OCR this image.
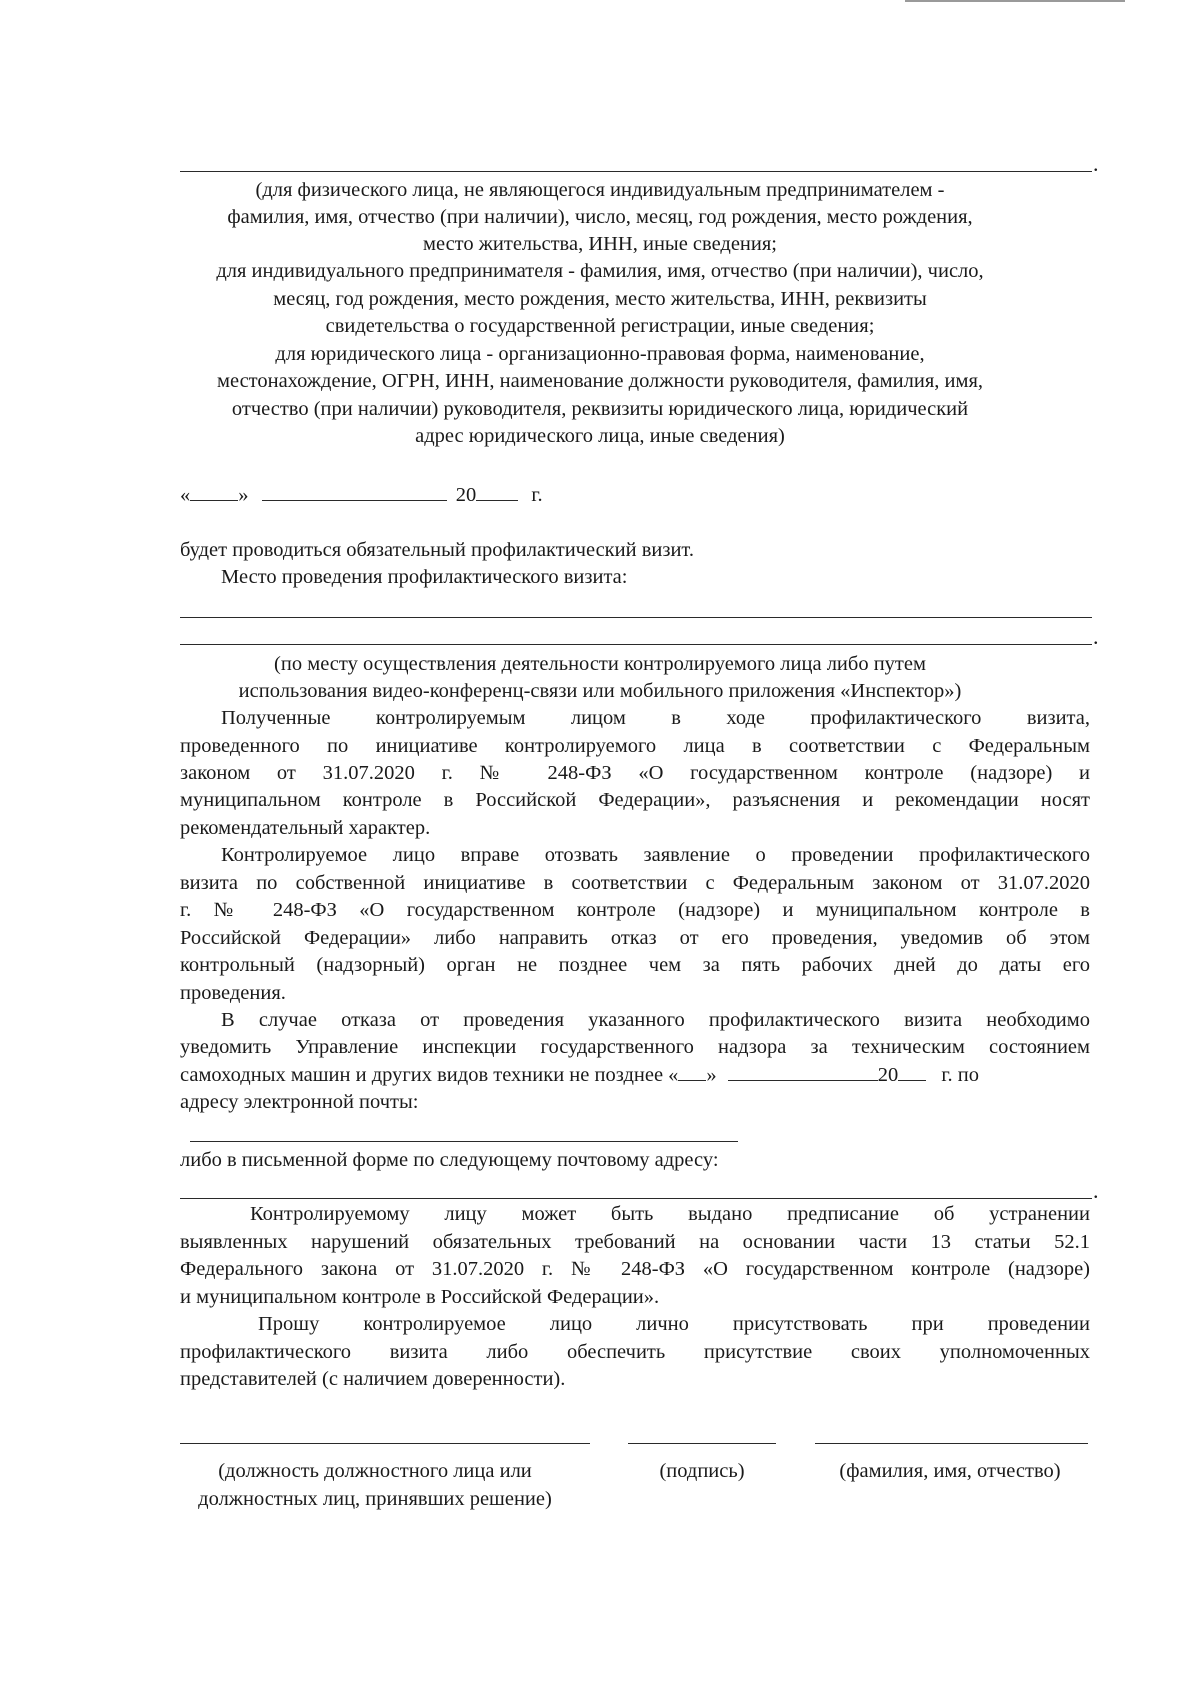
.
(для физического лица, не являющегося индивидуальным предпринимателем -
фамилия, имя, отчество (при наличии), число, месяц, год рождения, место рождения,
место жительства, ИНН, иные сведения;
для индивидуального предпринимателя - фамилия, имя, отчество (при наличии), число,
месяц, год рождения, место рождения, место жительства, ИНН, реквизиты
свидетельства о государственной регистрации, иные сведения;
для юридического лица - организационно-правовая форма, наименование,
местонахождение, ОГРН, ИНН, наименование должности руководителя, фамилия, имя,
отчество (при наличии) руководителя, реквизиты юридического лица, юридический
адрес юридического лица, иные сведения)
« »	20	г.
будет проводиться обязательный профилактический визит.
Место проведения профилактического визита:
.
(по месту осуществления деятельности контролируемого лица либо путем
использования видео-конференц-связи или мобильного приложения «Инспектор»)
Полученные контролируемым лицом в ходе профилактического визита,
проведенного по инициативе контролируемого лица в соответствии с Федеральным
законом от 31.07.2020 г. № 248-ФЗ «О государственном контроле (надзоре) и
муниципальном контроле в Российской Федерации», разъяснения и рекомендации носят
рекомендательный характер.
Контролируемое лицо вправе отозвать заявление о проведении профилактического
визита по собственной инициативе в соответствии с Федеральным законом от 31.07.2020
г. № 248-ФЗ «О государственном контроле (надзоре) и муниципальном контроле в
Российской Федерации» либо направить отказ от его проведения, уведомив об этом
контрольный (надзорный) орган не позднее чем за пять рабочих дней до даты его
проведения.
В случае отказа от проведения указанного профилактического визита необходимо
уведомить Управление инспекции государственного надзора за техническим состоянием
самоходных машин и других видов техники не позднее « »	20 г. по
адресу электронной почты:
либо в письменной форме по следующему почтовому адресу:
.
Контролируемому лицу может быть выдано предписание об устранении
выявленных нарушений обязательных требований на основании части 13 статьи 52.1
Федерального закона от 31.07.2020 г. № 248-ФЗ «О государственном контроле (надзоре)
и муниципальном контроле в Российской Федерации».
Прошу контролируемое лицо лично присутствовать при проведении
профилактического визита либо обеспечить присутствие своих уполномоченных
представителей (с наличием доверенности).
(должность должностного лица или должностных лиц, принявших решение)
(подпись)	(фамилия, имя, отчество)
